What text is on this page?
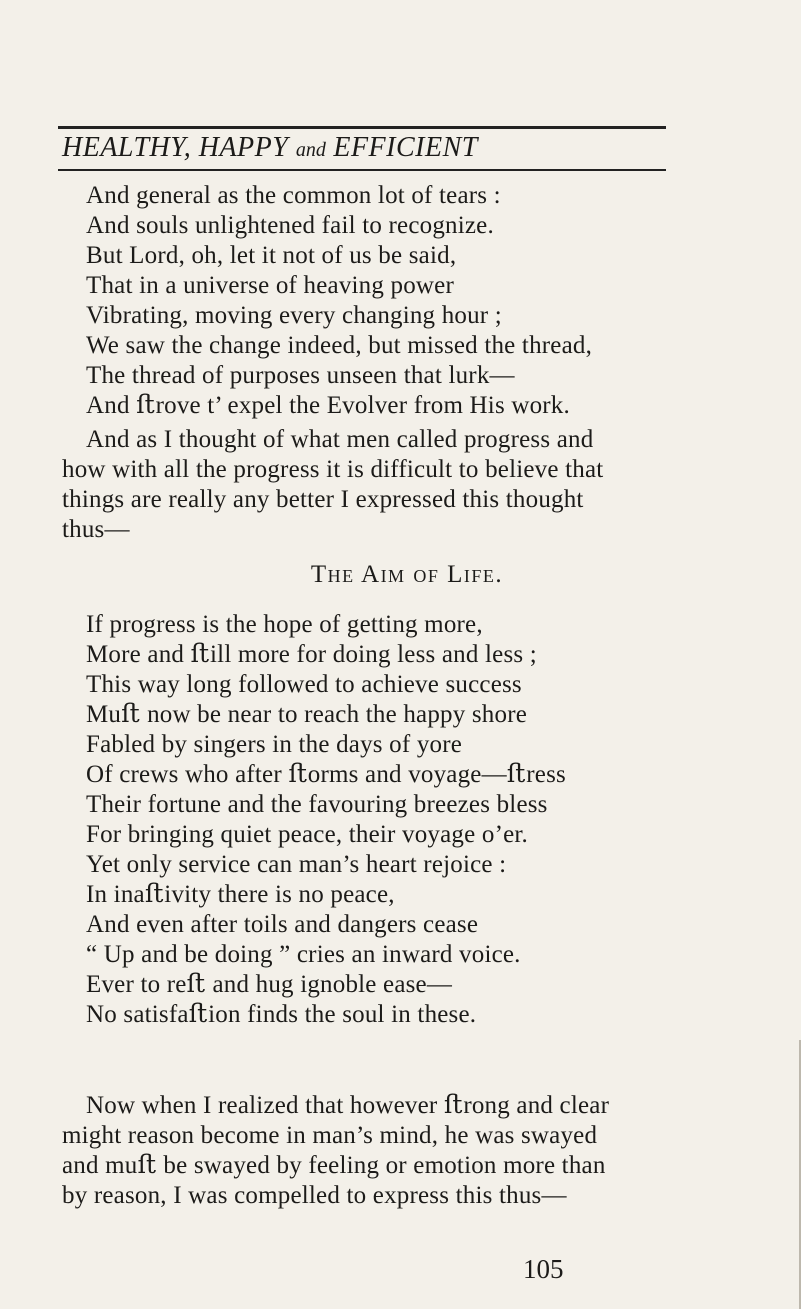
HEALTHY, HAPPY and EFFICIENT
And general as the common lot of tears :
And souls unlightened fail to recognize.
But Lord, oh, let it not of us be said,
That in a universe of heaving power
Vibrating, moving every changing hour ;
We saw the change indeed, but missed the thread,
The thread of purposes unseen that lurk—
And ﬅrove t’ expel the Evolver from His work.
And as I thought of what men called progress and
how with all the progress it is difficult to believe that
things are really any better I expressed this thought
thus—
The Aim of Life.
If progress is the hope of getting more,
More and ﬅill more for doing less and less ;
This way long followed to achieve success
Muﬅ now be near to reach the happy shore
Fabled by singers in the days of yore
Of crews who after ﬅorms and voyage—ﬅress
Their fortune and the favouring breezes bless
For bringing quiet peace, their voyage o’er.
Yet only service can man’s heart rejoice :
In inaﬅivity there is no peace,
And even after toils and dangers cease
“ Up and be doing ” cries an inward voice.
Ever to reﬅ and hug ignoble ease—
No satisfaﬅion finds the soul in these.
Now when I realized that however ﬅrong and clear
might reason become in man’s mind, he was swayed
and muﬅ be swayed by feeling or emotion more than
by reason, I was compelled to express this thus—
105
